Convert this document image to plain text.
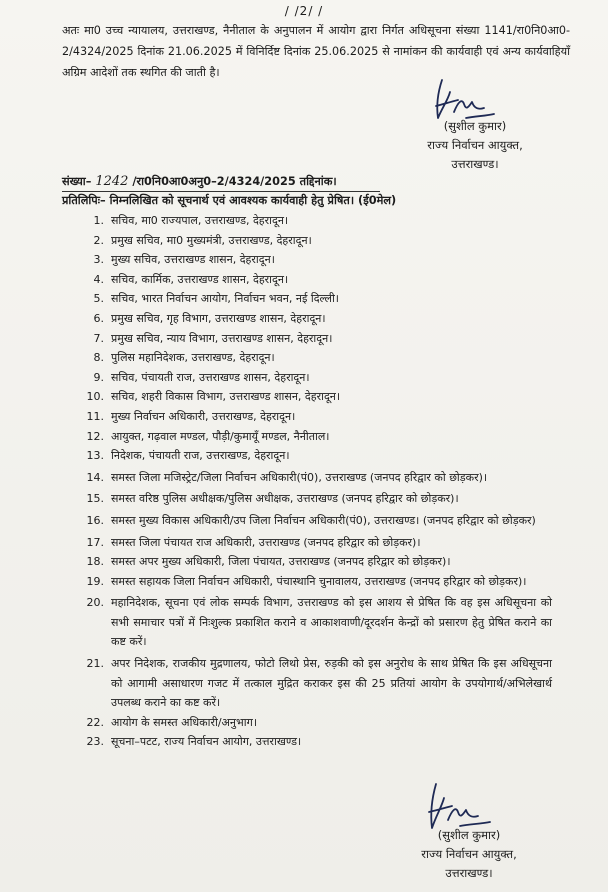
/ /2/ /
अतः मा0 उच्च न्यायालय, उत्तराखण्ड, नैनीताल के अनुपालन में आयोग द्वारा निर्गत अधिसूचना संख्या 1141/रा0नि0आ0-2/4324/2025 दिनांक 21.06.2025 में विनिर्दिष्ट दिनांक 25.06.2025 से नामांकन की कार्यवाही एवं अन्य कार्यवाहियाँ अग्रिम आदेशों तक स्थगित की जाती है।
(सुशील कुमार)
राज्य निर्वाचन आयुक्त,
उत्तराखण्ड।
संख्या– 1242 /रा0नि0आ0अनु0–2/4324/2025 तद्दिनांक।
प्रतिलिपिः– निम्नलिखित को सूचनार्थ एवं आवश्यक कार्यवाही हेतु प्रेषित। (ई0मेल)
1. सचिव, मा0 राज्यपाल, उत्तराखण्ड, देहरादून।
2. प्रमुख सचिव, मा0 मुख्यमंत्री, उत्तराखण्ड, देहरादून।
3. मुख्य सचिव, उत्तराखण्ड शासन, देहरादून।
4. सचिव, कार्मिक, उत्तराखण्ड शासन, देहरादून।
5. सचिव, भारत निर्वाचन आयोग, निर्वाचन भवन, नई दिल्ली।
6. प्रमुख सचिव, गृह विभाग, उत्तराखण्ड शासन, देहरादून।
7. प्रमुख सचिव, न्याय विभाग, उत्तराखण्ड शासन, देहरादून।
8. पुलिस महानिदेशक, उत्तराखण्ड, देहरादून।
9. सचिव, पंचायती राज, उत्तराखण्ड शासन, देहरादून।
10. सचिव, शहरी विकास विभाग, उत्तराखण्ड शासन, देहरादून।
11. मुख्य निर्वाचन अधिकारी, उत्तराखण्ड, देहरादून।
12. आयुक्त, गढ़वाल मण्डल, पौड़ी/कुमायूँ मण्डल, नैनीताल।
13. निदेशक, पंचायती राज, उत्तराखण्ड, देहरादून।
14. समस्त जिला मजिस्ट्रेट/जिला निर्वाचन अधिकारी(पं0), उत्तराखण्ड (जनपद हरिद्वार को छोड़कर)।
15. समस्त वरिष्ठ पुलिस अधीक्षक/पुलिस अधीक्षक, उत्तराखण्ड (जनपद हरिद्वार को छोड़कर)।
16. समस्त मुख्य विकास अधिकारी/उप जिला निर्वाचन अधिकारी(पं0), उत्तराखण्ड। (जनपद हरिद्वार को छोड़कर)
17. समस्त जिला पंचायत राज अधिकारी, उत्तराखण्ड (जनपद हरिद्वार को छोड़कर)।
18. समस्त अपर मुख्य अधिकारी, जिला पंचायत, उत्तराखण्ड (जनपद हरिद्वार को छोड़कर)।
19. समस्त सहायक जिला निर्वाचन अधिकारी, पंचास्थानि चुनावालय, उत्तराखण्ड (जनपद हरिद्वार को छोड़कर)।
20. महानिदेशक, सूचना एवं लोक सम्पर्क विभाग, उत्तराखण्ड को इस आशय से प्रेषित कि वह इस अधिसूचना को सभी समाचार पत्रों में निःशुल्क प्रकाशित कराने व आकाशवाणी/दूरदर्शन केन्द्रों को प्रसारण हेतु प्रेषित कराने का कष्ट करें।
21. अपर निदेशक, राजकीय मुद्रणालय, फोटो लिथो प्रेस, रुड़की को इस अनुरोध के साथ प्रेषित कि इस अधिसूचना को आगामी असाधारण गजट में तत्काल मुद्रित कराकर इस की 25 प्रतियां आयोग के उपयोगार्थ/अभिलेखार्थ उपलब्ध कराने का कष्ट करें।
22. आयोग के समस्त अधिकारी/अनुभाग।
23. सूचना–पटट, राज्य निर्वाचन आयोग, उत्तराखण्ड।
(सुशील कुमार)
राज्य निर्वाचन आयुक्त,
उत्तराखण्ड।
